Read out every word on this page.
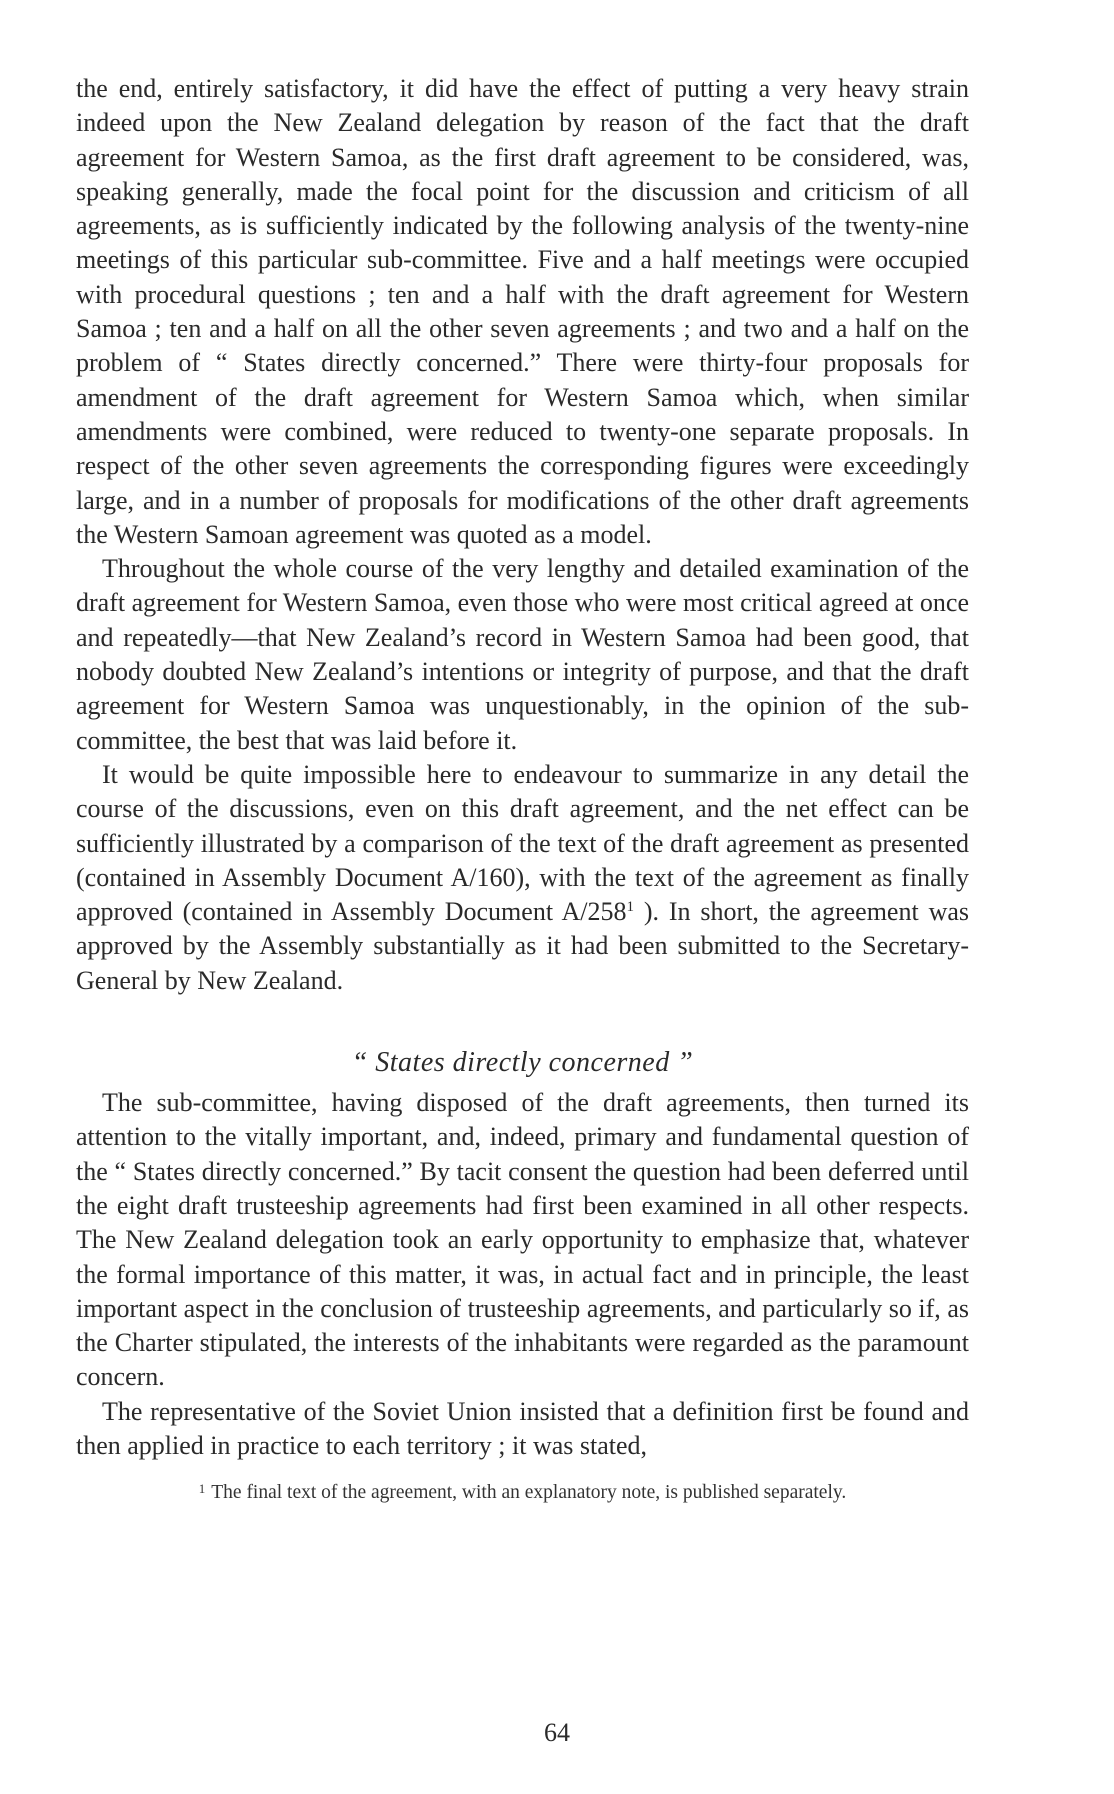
the end, entirely satisfactory, it did have the effect of putting a very heavy strain indeed upon the New Zealand delegation by reason of the fact that the draft agreement for Western Samoa, as the first draft agreement to be considered, was, speaking generally, made the focal point for the discussion and criticism of all agreements, as is sufficiently indicated by the following analysis of the twenty-nine meetings of this particular sub-committee. Five and a half meetings were occupied with procedural questions ; ten and a half with the draft agreement for Western Samoa ; ten and a half on all the other seven agreements ; and two and a half on the problem of “ States directly concerned.” There were thirty-four proposals for amendment of the draft agreement for Western Samoa which, when similar amendments were combined, were reduced to twenty-one separate proposals. In respect of the other seven agreements the corresponding figures were exceedingly large, and in a number of proposals for modifications of the other draft agreements the Western Samoan agreement was quoted as a model.

Throughout the whole course of the very lengthy and detailed examination of the draft agreement for Western Samoa, even those who were most critical agreed at once and repeatedly—that New Zealand’s record in Western Samoa had been good, that nobody doubted New Zealand’s intentions or integrity of purpose, and that the draft agreement for Western Samoa was unquestionably, in the opinion of the sub-committee, the best that was laid before it.

It would be quite impossible here to endeavour to summarize in any detail the course of the discussions, even on this draft agreement, and the net effect can be sufficiently illustrated by a comparison of the text of the draft agreement as presented (contained in Assembly Document A/160), with the text of the agreement as finally approved (contained in Assembly Document A/258$^1$ ). In short, the agreement was approved by the Assembly substantially as it had been submitted to the Secretary-General by New Zealand.

“ States directly concerned ”

The sub-committee, having disposed of the draft agreements, then turned its attention to the vitally important, and, indeed, primary and fundamental question of the “ States directly concerned.” By tacit consent the question had been deferred until the eight draft trusteeship agreements had first been examined in all other respects. The New Zealand delegation took an early opportunity to emphasize that, whatever the formal importance of this matter, it was, in actual fact and in principle, the least important aspect in the conclusion of trusteeship agreements, and particularly so if, as the Charter stipulated, the interests of the inhabitants were regarded as the paramount concern.

The representative of the Soviet Union insisted that a definition first be found and then applied in practice to each territory ; it was stated,

$^1$ The final text of the agreement, with an explanatory note, is published separately.
64
